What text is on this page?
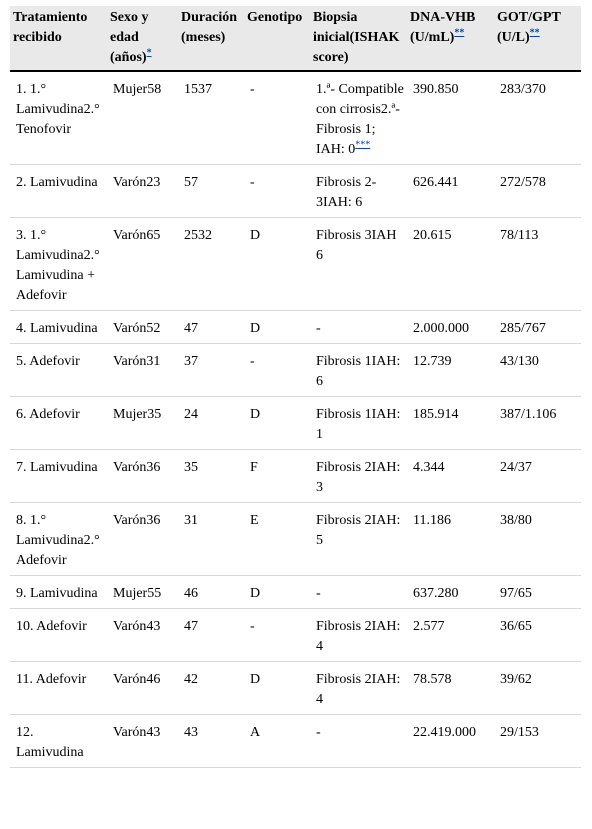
Tratamiento recibido	Sexo y edad (años)*	Duración (meses)	Genotipo	Biopsia inicial(ISHAK score)	DNA-VHB (U/mL)**	GOT/GPT (U/L)**
1. 1.° Lamivudina2.° Tenofovir	Mujer58	1537	-	1.ª- Compatible con cirrosis2.ª- Fibrosis 1; IAH: 0***	390.850	283/370
2. Lamivudina	Varón23	57	-	Fibrosis 2-3IAH: 6	626.441	272/578
3. 1.° Lamivudina2.° Lamivudina + Adefovir	Varón65	2532	D	Fibrosis 3IAH 6	20.615	78/113
4. Lamivudina	Varón52	47	D	-	2.000.000	285/767
5. Adefovir	Varón31	37	-	Fibrosis 1IAH: 6	12.739	43/130
6. Adefovir	Mujer35	24	D	Fibrosis 1IAH: 1	185.914	387/1.106
7. Lamivudina	Varón36	35	F	Fibrosis 2IAH: 3	4.344	24/37
8. 1.° Lamivudina2.° Adefovir	Varón36	31	E	Fibrosis 2IAH: 5	11.186	38/80
9. Lamivudina	Mujer55	46	D	-	637.280	97/65
10. Adefovir	Varón43	47	-	Fibrosis 2IAH: 4	2.577	36/65
11. Adefovir	Varón46	42	D	Fibrosis 2IAH: 4	78.578	39/62
12. Lamivudina	Varón43	43	A	-	22.419.000	29/153
